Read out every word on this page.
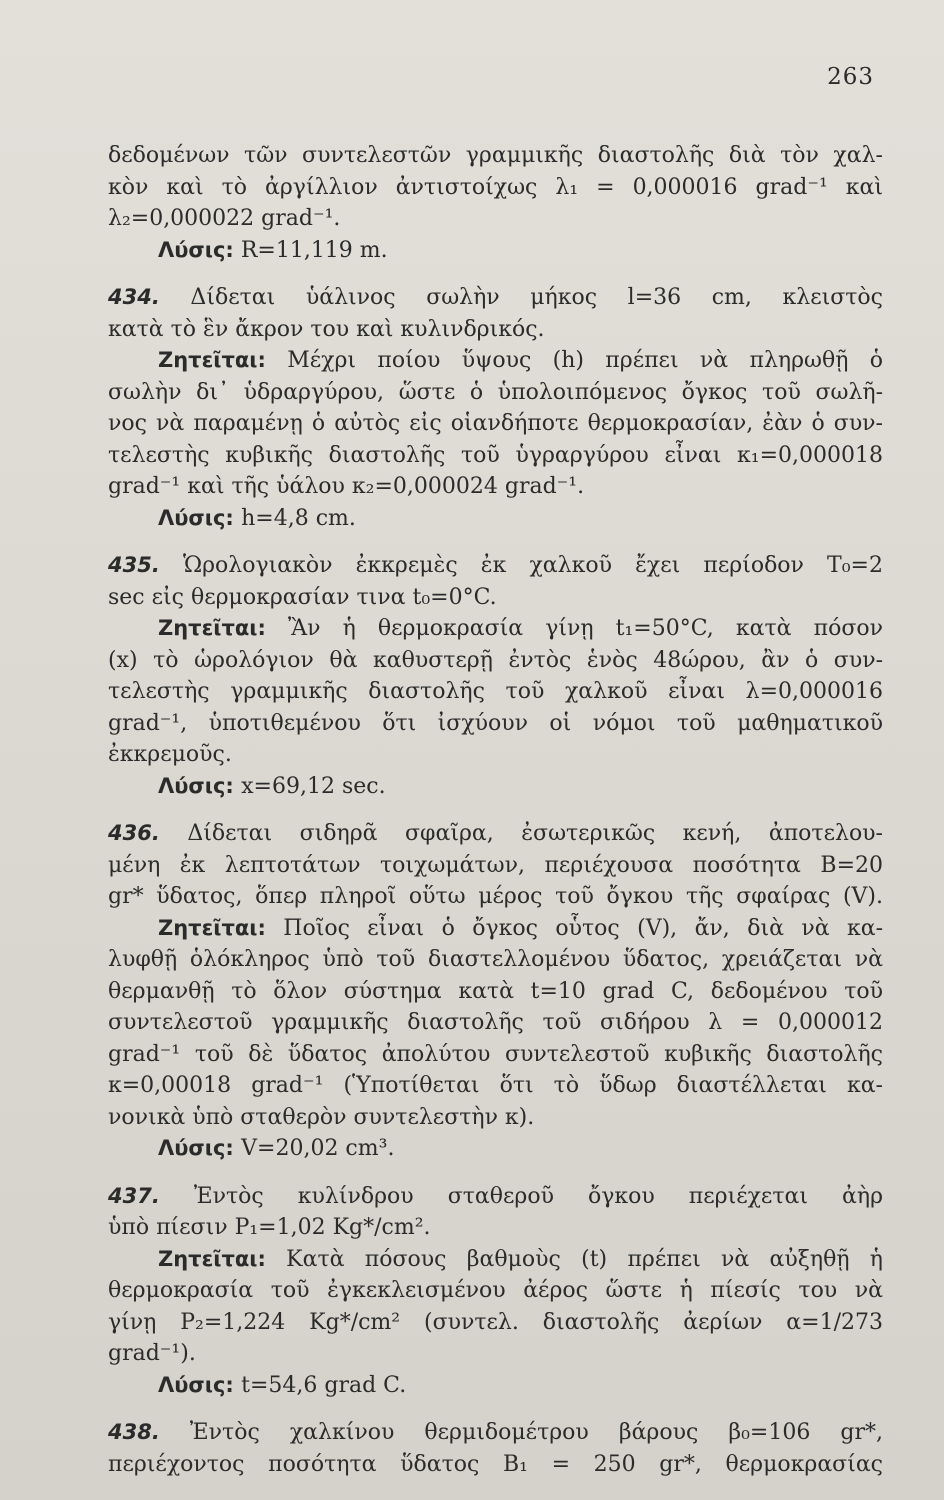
263
δεδομένων τῶν συντελεστῶν γραμμικῆς διαστολῆς διὰ τὸν χαλ-
κὸν καὶ τὸ ἀργίλλιον ἀντιστοίχως λ₁ = 0,000016 grad⁻¹ καὶ
λ₂=0,000022 grad⁻¹.
Λύσις: R=11,119 m.
434. Δίδεται ὑάλινος σωλὴν μήκος l=36 cm, κλειστὸς
κατὰ τὸ ἓν ἄκρον του καὶ κυλινδρικός.
Ζητεῖται: Μέχρι ποίου ὕψους (h) πρέπει νὰ πληρωθῇ ὁ
σωλὴν δι᾽ ὑδραργύρου, ὥστε ὁ ὑπολοιπόμενος ὄγκος τοῦ σωλῆ-
νος νὰ παραμένῃ ὁ αὐτὸς εἰς οἱανδήποτε θερμοκρασίαν, ἐὰν ὁ συν-
τελεστὴς κυβικῆς διαστολῆς τοῦ ὑγραργύρου εἶναι κ₁=0,000018
grad⁻¹ καὶ τῆς ὑάλου κ₂=0,000024 grad⁻¹.
Λύσις: h=4,8 cm.
435. Ὡρολογιακὸν ἐκκρεμὲς ἐκ χαλκοῦ ἔχει περίοδον T₀=2
sec εἰς θερμοκρασίαν τινα t₀=0°C.
Ζητεῖται: Ἂν ἡ θερμοκρασία γίνῃ t₁=50°C, κατὰ πόσον
(x) τὸ ὡρολόγιον θὰ καθυστερῇ ἐντὸς ἑνὸς 48ώρου, ἂν ὁ συν-
τελεστὴς γραμμικῆς διαστολῆς τοῦ χαλκοῦ εἶναι λ=0,000016
grad⁻¹, ὑποτιθεμένου ὅτι ἰσχύουν οἱ νόμοι τοῦ μαθηματικοῦ
ἐκκρεμοῦς.
Λύσις: x=69,12 sec.
436. Δίδεται σιδηρᾶ σφαῖρα, ἐσωτερικῶς κενή, ἀποτελου-
μένη ἐκ λεπτοτάτων τοιχωμάτων, περιέχουσα ποσότητα B=20
gr* ὕδατος, ὅπερ πληροῖ οὕτω μέρος τοῦ ὄγκου τῆς σφαίρας (V).
Ζητεῖται: Ποῖος εἶναι ὁ ὄγκος οὗτος (V), ἄν, διὰ νὰ κα-
λυφθῇ ὁλόκληρος ὑπὸ τοῦ διαστελλομένου ὕδατος, χρειάζεται νὰ
θερμανθῇ τὸ ὅλον σύστημα κατὰ t=10 grad C, δεδομένου τοῦ
συντελεστοῦ γραμμικῆς διαστολῆς τοῦ σιδήρου λ = 0,000012
grad⁻¹ τοῦ δὲ ὕδατος ἀπολύτου συντελεστοῦ κυβικῆς διαστολῆς
κ=0,00018 grad⁻¹ (Ὑποτίθεται ὅτι τὸ ὕδωρ διαστέλλεται κα-
νονικὰ ὑπὸ σταθερὸν συντελεστὴν κ).
Λύσις: V=20,02 cm³.
437. Ἐντὸς κυλίνδρου σταθεροῦ ὄγκου περιέχεται ἀὴρ
ὑπὸ πίεσιν P₁=1,02 Kg*/cm².
Ζητεῖται: Κατὰ πόσους βαθμοὺς (t) πρέπει νὰ αὐξηθῇ ἡ
θερμοκρασία τοῦ ἐγκεκλεισμένου ἀέρος ὥστε ἡ πίεσίς του νὰ
γίνῃ P₂=1,224 Kg*/cm² (συντελ. διαστολῆς ἀερίων α=1/273
grad⁻¹).
Λύσις: t=54,6 grad C.
438. Ἐντὸς χαλκίνου θερμιδομέτρου βάρους β₀=106 gr*,
περιέχοντος ποσότητα ὕδατος B₁ = 250 gr*, θερμοκρασίας
